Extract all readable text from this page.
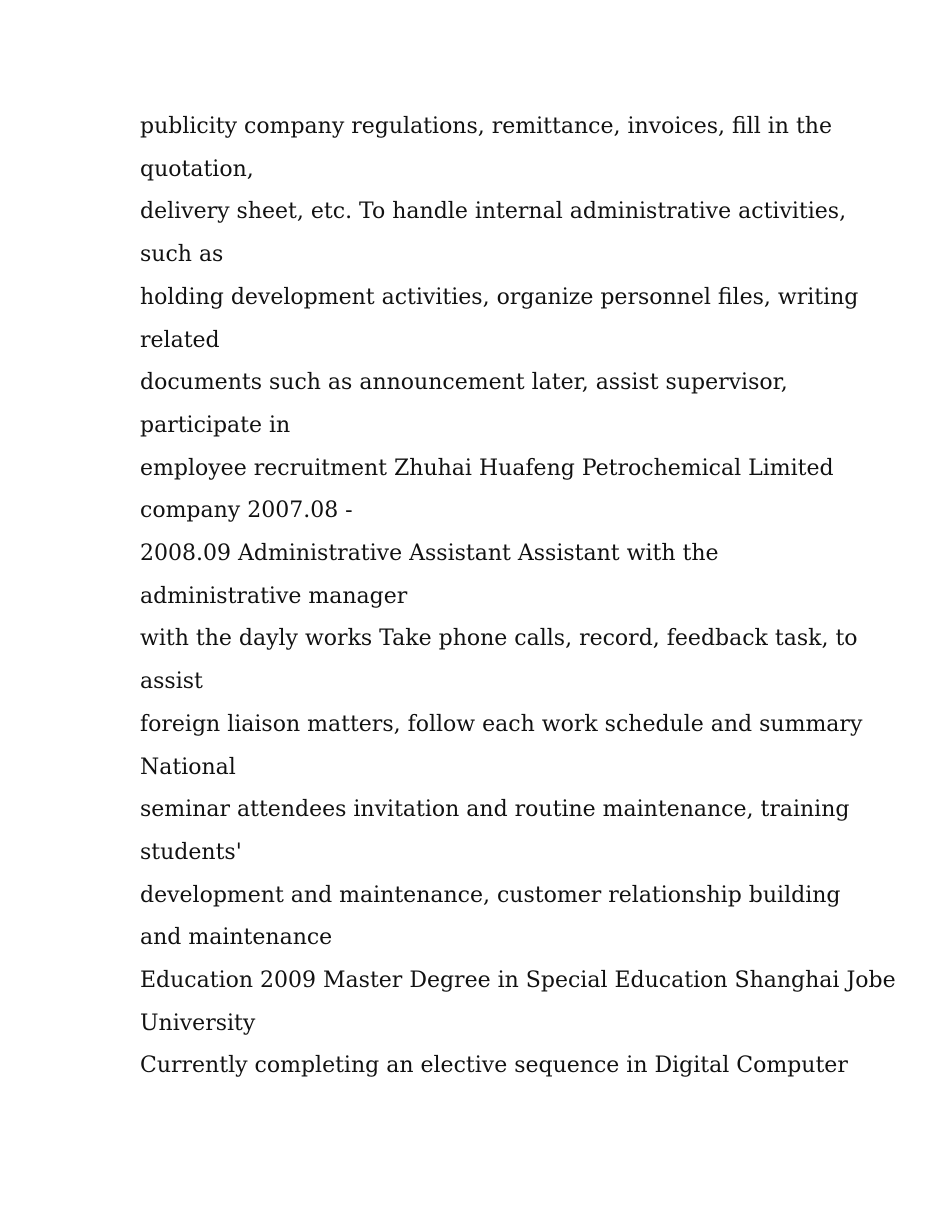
publicity company regulations, remittance, invoices, fill in the
quotation,
delivery sheet, etc. To handle internal administrative activities,
such as
holding development activities, organize personnel files, writing
related
documents such as announcement later, assist supervisor,
participate in
employee recruitment Zhuhai Huafeng Petrochemical Limited
company 2007.08 -
2008.09 Administrative Assistant Assistant with the
administrative manager
with the dayly works Take phone calls, record, feedback task, to
assist
foreign liaison matters, follow each work schedule and summary
National
seminar attendees invitation and routine maintenance, training
students'
development and maintenance, customer relationship building
and maintenance
Education 2009 Master Degree in Special Education Shanghai Jobe
University
Currently completing an elective sequence in Digital Computer
